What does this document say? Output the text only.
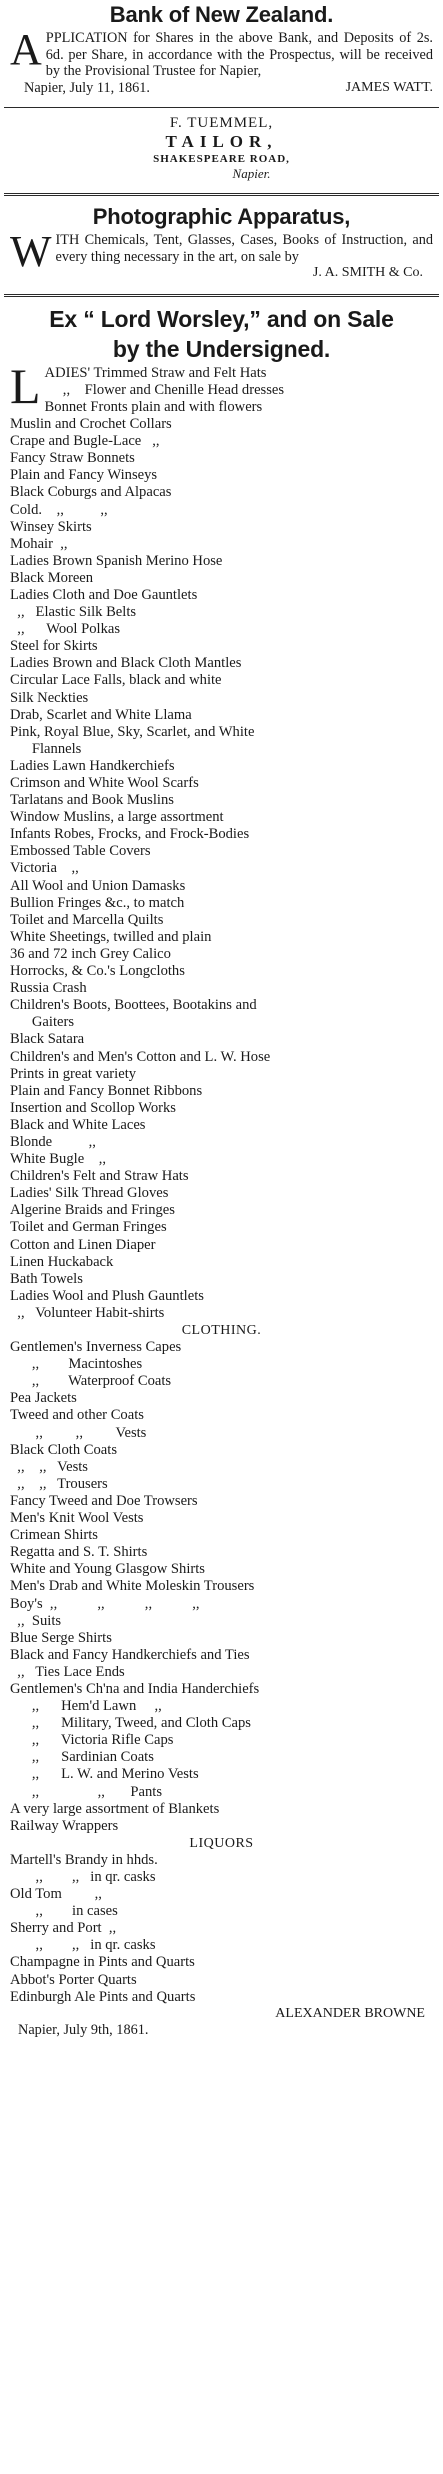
Bank of New Zealand.

APPLICATION for Shares in the above Bank, and Deposits of 2s. 6d. per Share, in accordance with the Prospectus, will be received by the Provisional Trustee for Napier,

JAMES WATT.
Napier, July 11, 1861.
F. TUEMMEL,
TAILOR,
SHAKESPEARE ROAD,
Napier.
Photographic Apparatus,

WITH Chemicals, Tent, Glasses, Cases, Books of Instruction, and every thing necessary in the art, on sale by

J. A. SMITH & Co.
Ex “ Lord Worsley,” and on Sale
by the Undersigned.
L ADIES' Trimmed Straw and Felt Hats
,,    Flower and Chenille Head dresses
Bonnet Fronts plain and with flowers
Muslin and Crochet Collars
Crape and Bugle-Lace   ,,
Fancy Straw Bonnets
Plain and Fancy Winseys
Black Coburgs and Alpacas
Cold.    ,,          ,,
Winsey Skirts
Mohair  ,,
Ladies Brown Spanish Merino Hose
Black Moreen
Ladies Cloth and Doe Gauntlets
,,   Elastic Silk Belts
,,      Wool Polkas
Steel for Skirts
Ladies Brown and Black Cloth Mantles
Circular Lace Falls, black and white
Silk Neckties
Drab, Scarlet and White Llama
Pink, Royal Blue, Sky, Scarlet, and White
Flannels
Ladies Lawn Handkerchiefs
Crimson and White Wool Scarfs
Tarlatans and Book Muslins
Window Muslins, a large assortment
Infants Robes, Frocks, and Frock-Bodies
Embossed Table Covers
Victoria    ,,
All Wool and Union Damasks
Bullion Fringes &c., to match
Toilet and Marcella Quilts
White Sheetings, twilled and plain
36 and 72 inch Grey Calico
Horrocks, & Co.'s Longcloths
Russia Crash
Children's Boots, Boottees, Bootakins and
Gaiters
Black Satara
Children's and Men's Cotton and L. W. Hose
Prints in great variety
Plain and Fancy Bonnet Ribbons
Insertion and Scollop Works
Black and White Laces
Blonde          ,,
White Bugle    ,,
Children's Felt and Straw Hats
Ladies' Silk Thread Gloves
Algerine Braids and Fringes
Toilet and German Fringes
Cotton and Linen Diaper
Linen Huckaback
Bath Towels
Ladies Wool and Plush Gauntlets
,,   Volunteer Habit-shirts
CLOTHING.
Gentlemen's Inverness Capes
,,        Macintoshes
,,        Waterproof Coats
Pea Jackets
Tweed and other Coats
,,         ,,         Vests
Black Cloth Coats
,,    ,,   Vests
,,    ,,   Trousers
Fancy Tweed and Doe Trowsers
Men's Knit Wool Vests
Crimean Shirts
Regatta and S. T. Shirts
White and Young Glasgow Shirts
Men's Drab and White Moleskin Trousers
Boy's  ,,           ,,           ,,           ,,
,,  Suits
Blue Serge Shirts
Black and Fancy Handkerchiefs and Ties
,,   Ties Lace Ends
Gentlemen's Ch'na and India Handerchiefs
,,      Hem'd Lawn     ,,
,,      Military, Tweed, and Cloth Caps
,,      Victoria Rifle Caps
,,      Sardinian Coats
,,      L. W. and Merino Vests
,,                ,,       Pants
A very large assortment of Blankets
Railway Wrappers
LIQUORS
Martell's Brandy in hhds.
,,        ,,   in qr. casks
Old Tom         ,,
,,        in cases
Sherry and Port  ,,
,,        ,,   in qr. casks
Champagne in Pints and Quarts
Abbot's Porter Quarts
Edinburgh Ale Pints and Quarts
ALEXANDER BROWNE
Napier, July 9th, 1861.
